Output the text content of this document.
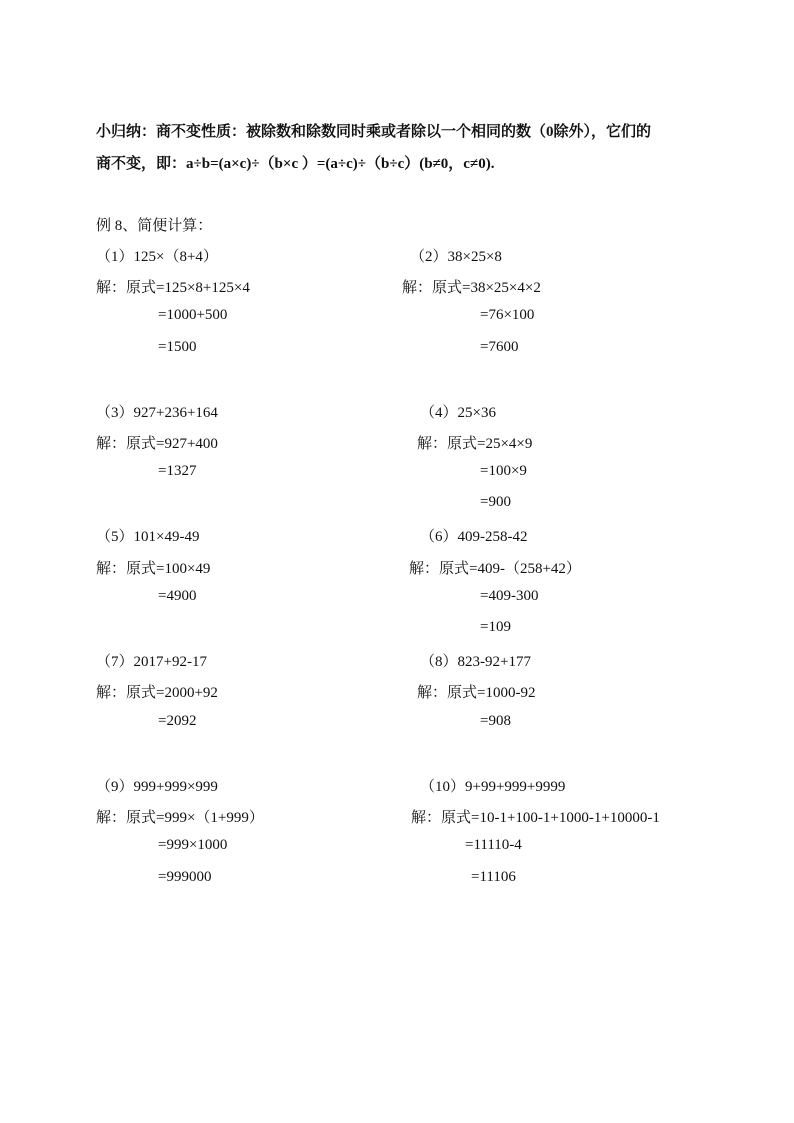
小归纳：商不变性质：被除数和除数同时乘或者除以一个相同的数（0除外），它们的
商不变，即：a÷b=(a×c)÷（b×c ）=(a÷c)÷（b÷c）(b≠0，c≠0).
例 8、简便计算：
（1）125×（8+4）
解：原式=125×8+125×4
=1000+500
=1500
（2）38×25×8
解：原式=38×25×4×2
=76×100
=7600
（3）927+236+164
解：原式=927+400
=1327
（4）25×36
解：原式=25×4×9
=100×9
=900
（5）101×49-49
解：原式=100×49
=4900
（6）409-258-42
解：原式=409-（258+42）
=409-300
=109
（7）2017+92-17
解：原式=2000+92
=2092
（8）823-92+177
解：原式=1000-92
=908
（9）999+999×999
解：原式=999×（1+999）
=999×1000
=999000
（10）9+99+999+9999
解：原式=10-1+100-1+1000-1+10000-1
=11110-4
=11106
